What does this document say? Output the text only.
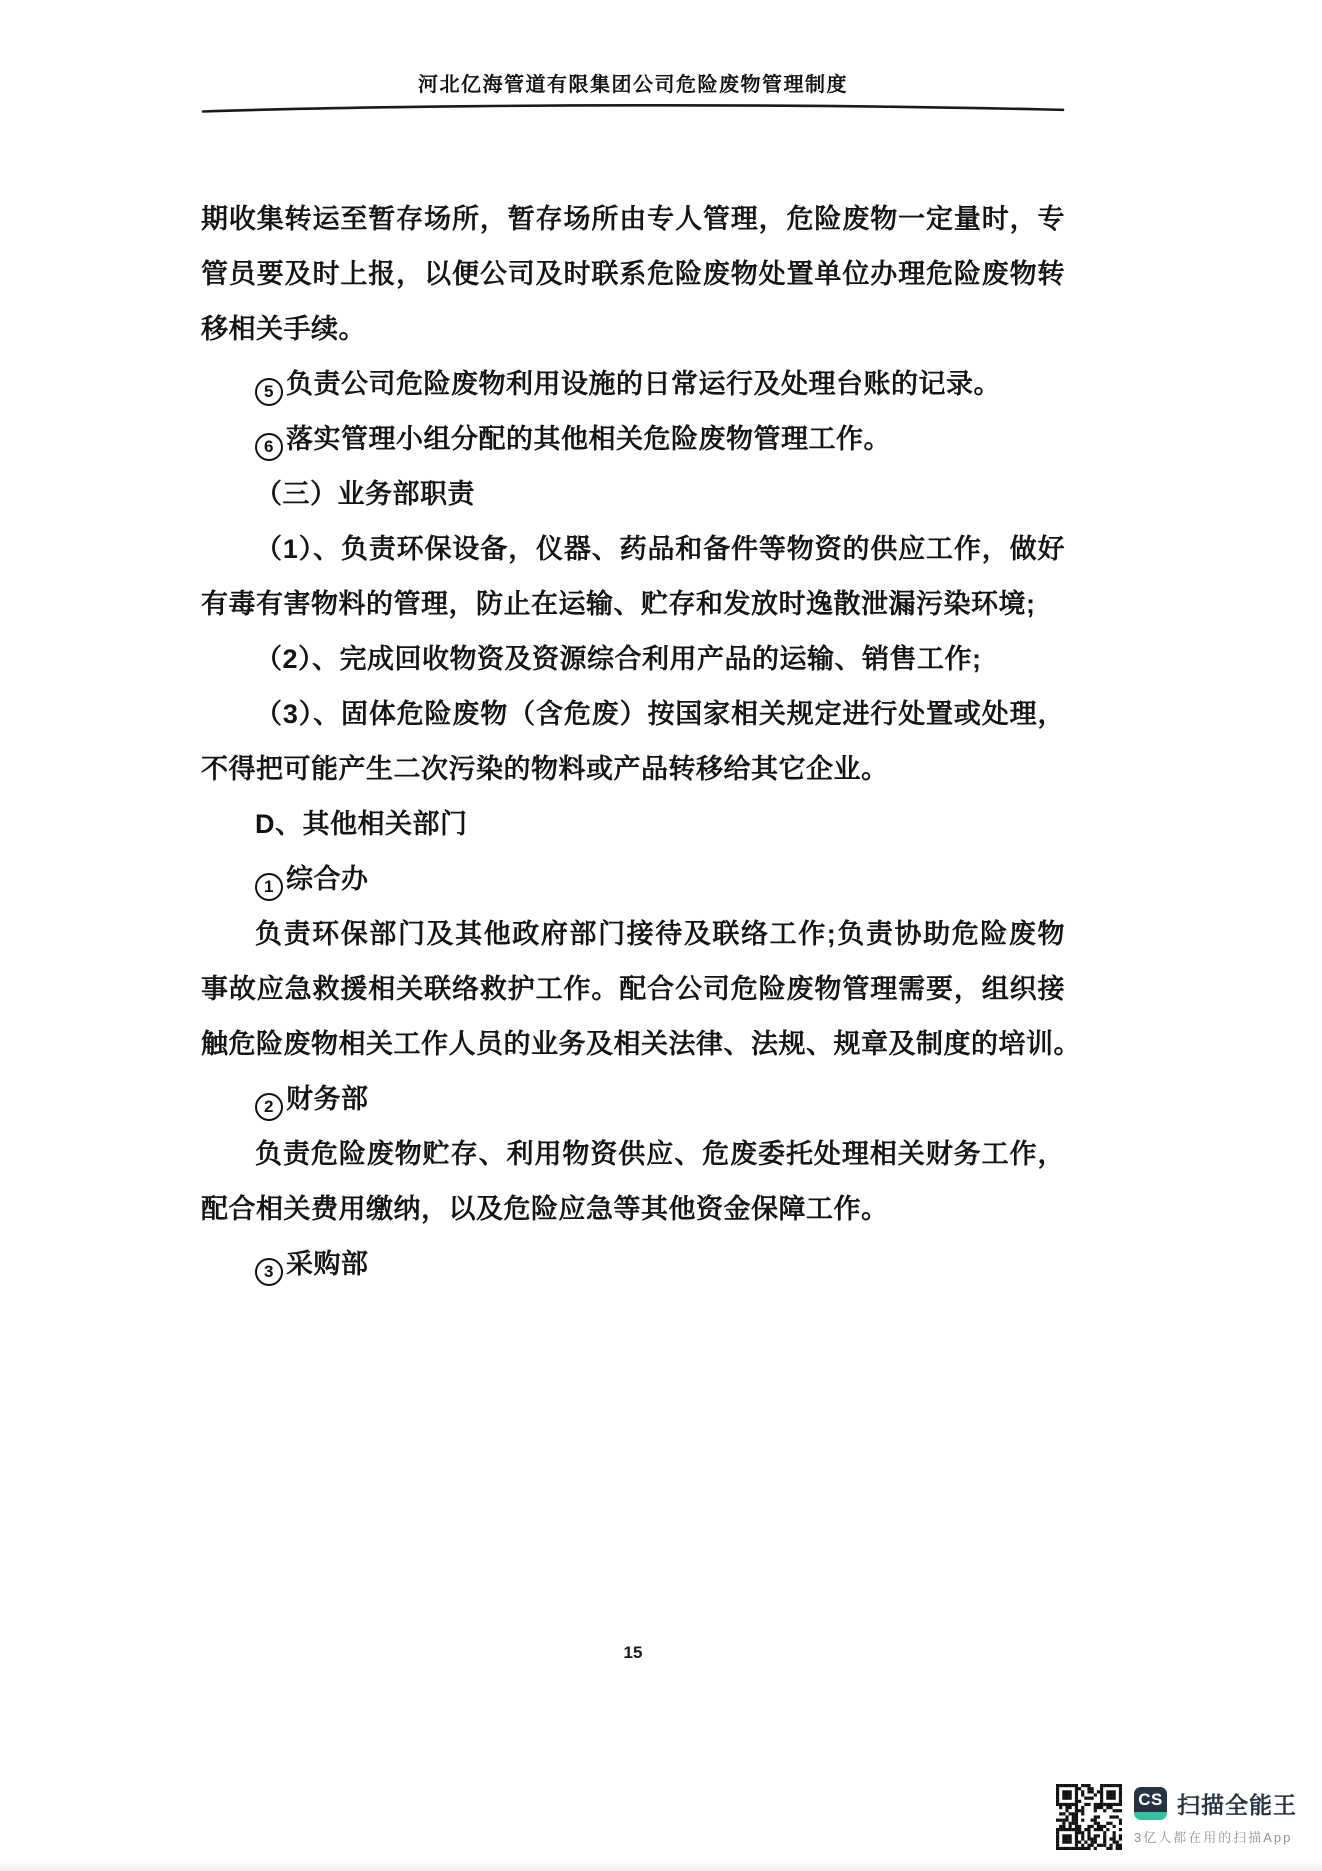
河北亿海管道有限集团公司危险废物管理制度
期收集转运至暂存场所，暂存场所由专人管理，危险废物一定量时，专
管员要及时上报，以便公司及时联系危险废物处置单位办理危险废物转
移相关手续。
5 负责公司危险废物利用设施的日常运行及处理台账的记录。
6 落实管理小组分配的其他相关危险废物管理工作。
（三）业务部职责
（1）、负责环保设备，仪器、药品和备件等物资的供应工作，做好
有毒有害物料的管理，防止在运输、贮存和发放时逸散泄漏污染环境;
（2）、完成回收物资及资源综合利用产品的运输、销售工作;
（3）、固体危险废物（含危废）按国家相关规定进行处置或处理，
不得把可能产生二次污染的物料或产品转移给其它企业。
D、其他相关部门
1 综合办
负责环保部门及其他政府部门接待及联络工作;负责协助危险废物
事故应急救援相关联络救护工作。配合公司危险废物管理需要，组织接
触危险废物相关工作人员的业务及相关法律、法规、规章及制度的培训。
2 财务部
负责危险废物贮存、利用物资供应、危废委托处理相关财务工作，
配合相关费用缴纳，以及危险应急等其他资金保障工作。
3 采购部
15
CS 扫描全能王
3亿人都在用的扫描App
